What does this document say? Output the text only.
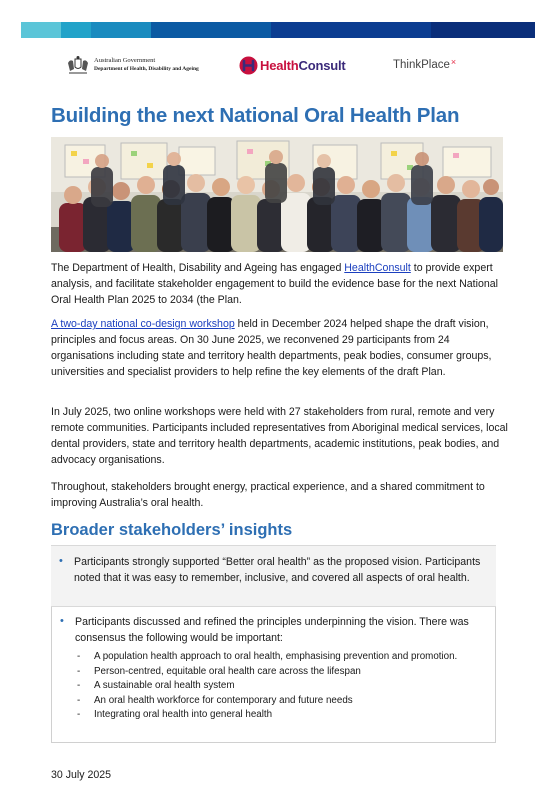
Australian Government
Department of Health, Disability and Ageing	HealthConsult	ThinkPlace ×
Building the next National Oral Health Plan

The Department of Health, Disability and Ageing has engaged HealthConsult to provide expert analysis, and facilitate stakeholder engagement to build the evidence base for the next National Oral Health Plan 2025 to 2034 (the Plan.

A two-day national co-design workshop held in December 2024 helped shape the draft vision, principles and focus areas. On 30 June 2025, we reconvened 29 participants from 24 organisations including state and territory health departments, peak bodies, consumer groups, universities and specialist providers to help refine the key elements of the draft Plan.

In July 2025, two online workshops were held with 27 stakeholders from rural, remote and very remote communities. Participants included representatives from Aboriginal medical services, local dental providers, state and territory health departments, academic institutions, peak bodies, and advocacy organisations.

Throughout, stakeholders brought energy, practical experience, and a shared commitment to improving Australia’s oral health.

Broader stakeholders’ insights
• Participants strongly supported “Better oral health” as the proposed vision. Participants noted that it was easy to remember, inclusive, and covered all aspects of oral health.
• Participants discussed and refined the principles underpinning the vision. There was consensus the following would be important:
- A population health approach to oral health, emphasising prevention and promotion.
- Person-centred, equitable oral health care across the lifespan
- A sustainable oral health system
- An oral health workforce for contemporary and future needs
- Integrating oral health into general health
30 July 2025
